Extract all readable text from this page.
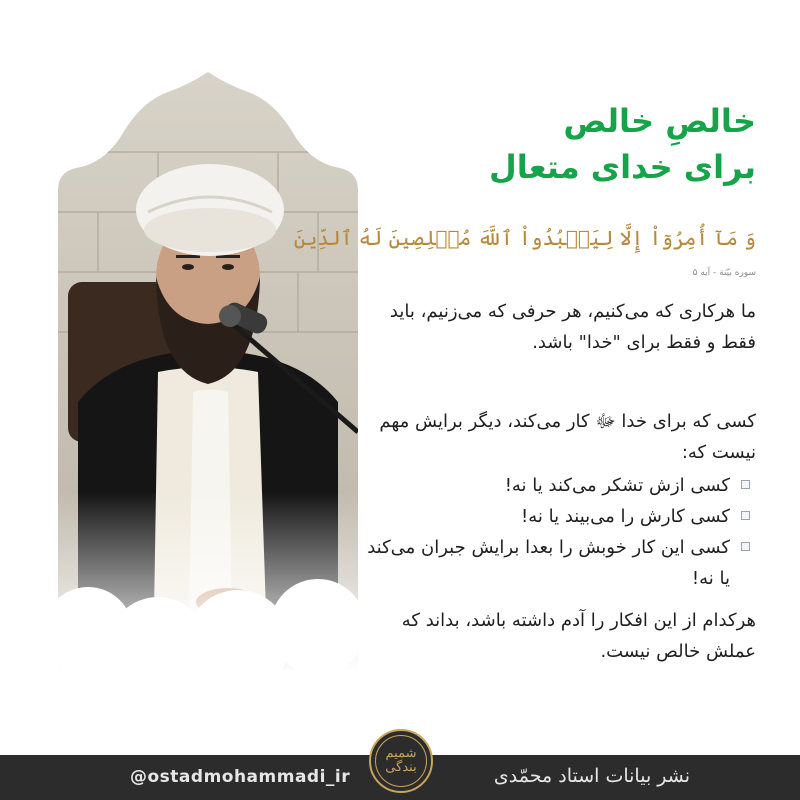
خالصِ خالص
برای خدای متعال
وَ مَآ أُمِرُوٓاْ إِلَّا لِيَعۡبُدُواْ ٱللَّهَ مُخۡلِصِينَ لَهُ ٱلدِّينَ
سوره بیّنة - آیه ۵
ما هرکاری که می‌کنیم، هر حرفی که می‌زنیم، باید فقط و فقط برای "خدا" باشد.
کسی که برای خدا ﷻ کار می‌کند، دیگر برایش مهم نیست که:
کسی ازش تشکر می‌کند یا نه!
کسی کارش را می‌بیند یا نه!
کسی این کار خوبش را بعدا برایش جبران می‌کند یا نه!
هرکدام از این افکار را آدم داشته باشد، بداند که عملش خالص نیست.
@ostadmohammadi_ir	نشر بیانات استاد محمّدی
شمیم بندگی
